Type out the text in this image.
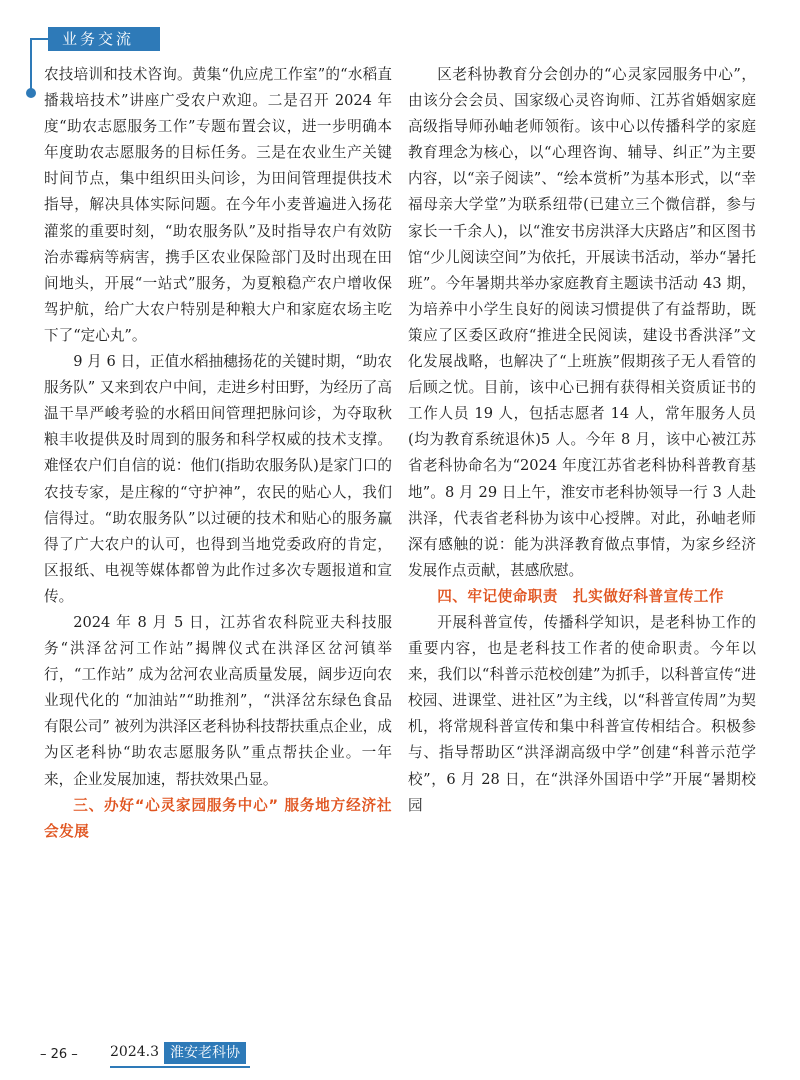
业务交流

农技培训和技术咨询。黄集“仇应虎工作室”的“水稻直播栽培技术”讲座广受农户欢迎。二是召开 2024 年度“助农志愿服务工作”专题布置会议，进一步明确本年度助农志愿服务的目标任务。三是在农业生产关键时间节点，集中组织田头问诊，为田间管理提供技术指导，解决具体实际问题。在今年小麦普遍进入扬花灌浆的重要时刻，“助农服务队”及时指导农户有效防治赤霉病等病害，携手区农业保险部门及时出现在田间地头，开展“一站式”服务，为夏粮稳产农户增收保驾护航，给广大农户特别是种粮大户和家庭农场主吃下了“定心丸”。

9 月 6 日，正值水稻抽穗扬花的关键时期，“助农服务队” 又来到农户中间，走进乡村田野，为经历了高温干旱严峻考验的水稻田间管理把脉问诊，为夺取秋粮丰收提供及时周到的服务和科学权威的技术支撑。难怪农户们自信的说：他们(指助农服务队)是家门口的农技专家，是庄稼的“守护神”，农民的贴心人，我们信得过。“助农服务队”以过硬的技术和贴心的服务赢得了广大农户的认可，也得到当地党委政府的肯定，区报纸、电视等媒体都曾为此作过多次专题报道和宣传。

2024 年 8 月 5 日，江苏省农科院亚夫科技服务“洪泽岔河工作站”揭牌仪式在洪泽区岔河镇举行，“工作站” 成为岔河农业高质量发展，阔步迈向农业现代化的 “加油站”“助推剂”，“洪泽岔东绿色食品有限公司” 被列为洪泽区老科协科技帮扶重点企业，成为区老科协“助农志愿服务队”重点帮扶企业。一年来，企业发展加速，帮扶效果凸显。

三、办好“心灵家园服务中心” 服务地方经济社会发展

区老科协教育分会创办的“心灵家园服务中心”，由该分会会员、国家级心灵咨询师、江苏省婚姻家庭高级指导师孙岫老师领衔。该中心以传播科学的家庭教育理念为核心，以“心理咨询、辅导、纠正”为主要内容，以“亲子阅读”、“绘本赏析”为基本形式，以“幸福母亲大学堂”为联系纽带(已建立三个微信群，参与家长一千余人)，以“淮安书房洪泽大庆路店”和区图书馆“少儿阅读空间”为依托，开展读书活动，举办“暑托班”。今年暑期共举办家庭教育主题读书活动 43 期，为培养中小学生良好的阅读习惯提供了有益帮助，既策应了区委区政府“推进全民阅读，建设书香洪泽”文化发展战略，也解决了“上班族”假期孩子无人看管的后顾之忧。目前，该中心已拥有获得相关资质证书的工作人员 19 人，包括志愿者 14 人，常年服务人员(均为教育系统退休)5 人。今年 8 月，该中心被江苏省老科协命名为“2024 年度江苏省老科协科普教育基地”。8 月 29 日上午，淮安市老科协领导一行 3 人赴洪泽，代表省老科协为该中心授牌。对此，孙岫老师深有感触的说：能为洪泽教育做点事情，为家乡经济发展作点贡献，甚感欣慰。

四、牢记使命职责　扎实做好科普宣传工作

开展科普宣传，传播科学知识，是老科协工作的重要内容，也是老科技工作者的使命职责。今年以来，我们以“科普示范校创建”为抓手，以科普宣传“进校园、进课堂、进社区”为主线，以“科普宣传周”为契机，将常规科普宣传和集中科普宣传相结合。积极参与、指导帮助区“洪泽湖高级中学”创建“科普示范学校”，6 月 28 日，在“洪泽外国语中学”开展“暑期校园

– 26 – 2024.3 淮安老科协
